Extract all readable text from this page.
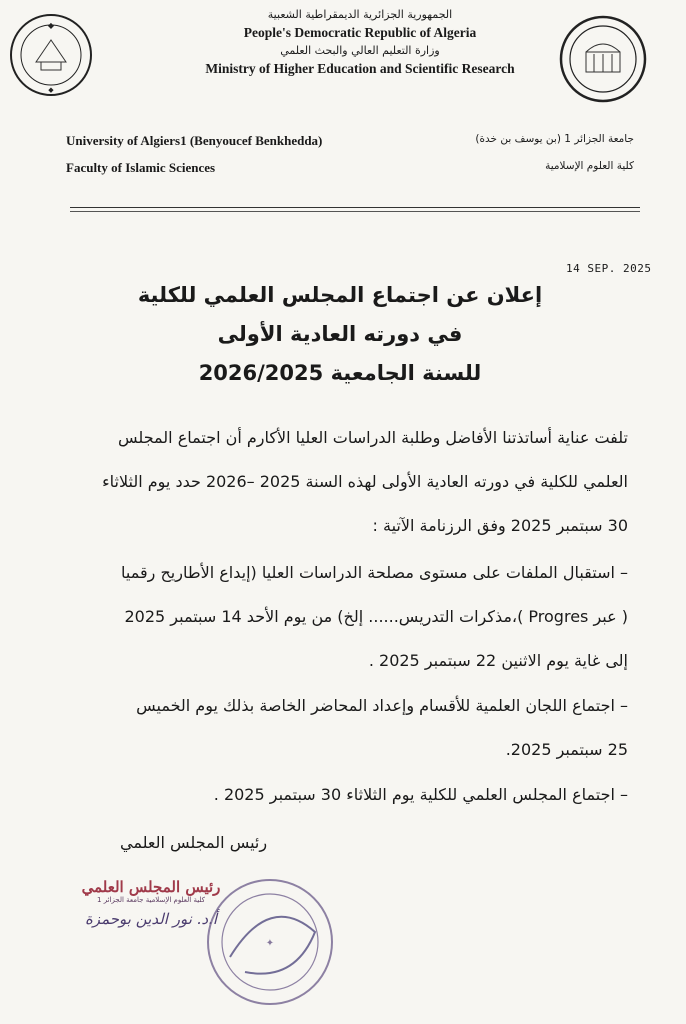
◆
◆
الجمهورية الجزائرية الديمقراطية الشعبية
People's Democratic Republic of Algeria
وزارة التعليم العالي والبحث العلمي
Ministry of Higher Education and Scientific Research
University of Algiers1 (Benyoucef Benkhedda)
Faculty of Islamic Sciences
جامعة الجزائر 1 (بن يوسف بن خدة)
كلية العلوم الإسلامية
14 SEP. 2025
إعلان عن اجتماع المجلس العلمي للكلية
في دورته العادية الأولى
للسنة الجامعية 2026/2025
تلفت عناية أساتذتنا الأفاضل وطلبة الدراسات العليا الأكارم أن اجتماع المجلس
العلمي للكلية في دورته العادية الأولى لهذه السنة 2025 –2026 حدد يوم الثلاثاء
30 سبتمبر 2025 وفق الرزنامة الآتية :
– استقبال الملفات على مستوى مصلحة الدراسات العليا (إيداع الأطاريح رقميا
( عبر Progres )،مذكرات التدريس...... إلخ) من يوم الأحد 14 سبتمبر 2025
إلى غاية يوم الاثنين 22 سبتمبر 2025 .
– اجتماع اللجان العلمية للأقسام وإعداد المحاضر الخاصة بذلك يوم الخميس
25 سبتمبر 2025.
– اجتماع المجلس العلمي للكلية يوم الثلاثاء 30 سبتمبر 2025 .
رئيس المجلس العلمي
رئيس المجلس العلمي
كلية العلوم الإسلامية جامعة الجزائر 1
أ.د. نور الدين بوحمزة
✦
